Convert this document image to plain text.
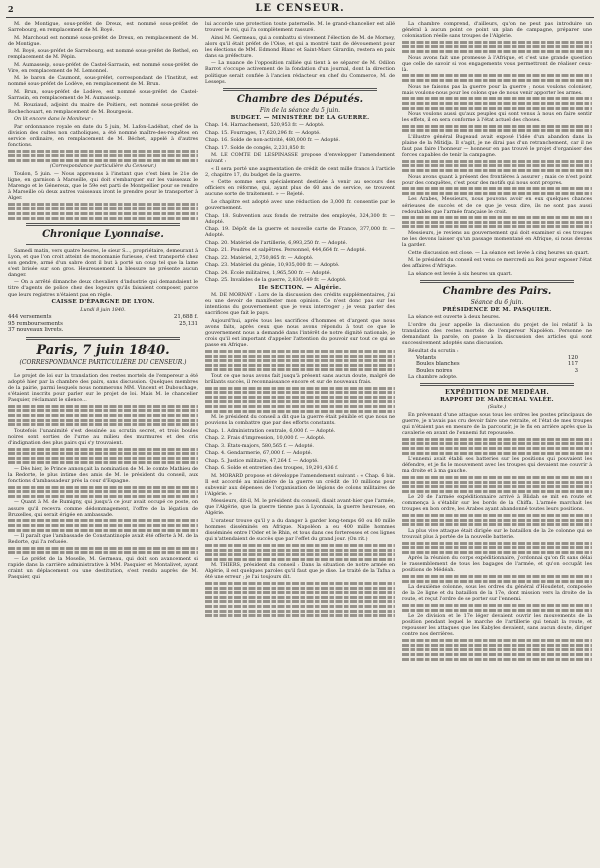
2	LE CENSEUR.

M. de Montigue, sous-préfet de Dreux, est nommé sous-préfet de Sarrebourg, en remplacement de M. Boyé.

M. Marchoud est nommé sous-préfet de Dreux, en remplacement de M. de Montigue.

M. Boyé, sous-préfet de Sarrebourg, est nommé sous-préfet de Rethel, en remplacement de M. Pèpin.

M. Aumasseip, sous-préfet de Castel-Sarrasin, est nommé sous-préfet de Vire, en remplacement de M. Lemonnel.

M. le baron de Caumont, sous-préfet, correspondant de l'Institut, est nommé sous-préfet de Lodève, en remplacement de M. Brun.

M. Brun, sous-préfet de Lodève, est nommé sous-préfet de Castel-Sarrasin, en remplacement de M. Aumasseip.

M. Rouziaud, adjoint du maire de Poitiers, est nommé sous-préfet de Rochechouart, en remplacement de M. Bourgeois.

On lit encore dans le Moniteur :

Par ordonnance royale en date du 5 juin, M. Lafon-Ladébat, chef de la division des cultes non catholiques, a été nommé maître-des-requêtes en service ordinaire, en remplacement de M. Béchet, appelé à d'autres fonctions.

(Correspondance particulière du Censeur.)

Toulon, 5 juin. — Nous apprenons à l'instant que c'est bien le 21e de ligne, en garnison à Marseille, qui doit s'embarquer sur les vaisseaux le Marengo et le Génereux, que le 59e est parti de Montpellier pour se rendre à Marseille où deux autres vaisseaux iront le prendre pour le transporter à Alger.

Chronique Lyonnaise.

Samedi matin, vers quatre heures, le sieur S..., propriétaire, demeurant à Lyon, et que l'on croit atteint de monomanie furieuse, s'est transporté chez son gendre, armé d'un sabre dont il but à porté un coup tel que la lame s'est brisée sur son gros. Heureusement la blessure ne présente aucun danger.

— On a arrêté dimanche deux chevaliers d'industrie qui demandaient le titre d'agents de police chez des logeurs qu'ils faisaient composer, parce que leurs registres n'étaient pas en règle.

CAISSE D'ÉPARGNE DE LYON.

Lundi 8 juin 1840.

444 versements	21,688 f.
95 remboursements	25,131
37 nouveaux livrets.
Paris, 7 juin 1840.
(CORRESPONDANCE PARTICULIÈRE DU CENSEUR.)

Le projet de loi sur la translation des restes mortels de l'empereur a été adopté hier par la chambre des pairs, sans discussion. Quelques membres de la pairie, parmi lesquels nous nommerons MM. Vincent et Dubouchage, s'étaient inscrits pour parler sur le projet de loi. Mais M. le chancelier Pasquier, réclamant le silence...

Toutefois l'unanimité s'est dessinée au scrutin secret, et trois boules noires sont sorties de l'urne au milieu des murmures et des cris d'indignation des plus pairs qui s'y trouvaient.

— Dès hier, le Prince annonçait la nomination de M. le comte Mathieu de la Redorte, le plus intime des amis de M. le président du conseil, aux fonctions d'ambassadeur près la cour d'Espagne.

— Quant à M. de Rumigny, qui jusqu'à ce jour avait occupé ce poste, on assure qu'il recevra comme dédommagement, l'offre de la légation de Bruxelles, qui serait érigée en ambassade.

— Il paraît que l'ambassade de Constantinople avait été offerte à M. de la Redorte, qui l'a refusée.

— Le préfet de la Moselle, M. Germeau, qui doit son avancement si rapide dans la carrière administrative à MM. Pasquier et Montalivet, ayant craint un déplacement ou une destitution, s'est rendu auprès de M. Pasquier, qui

lui accorde une protection toute paternelle. M. le grand-chancelier est allé trouver le roi, qui l'a complètement rassuré.

Ainsi M. Germeau, qui a combattu si vivement l'élection de M. de Morney, alors qu'il était préfet de l'Oise, et qui a montré tant de dévouement pour les élections de MM. Edmond Blanc et Saint-Marc Girardin, restera en paix dans sa préfecture.

— La nuance de l'opposition ralliée qui tient à se séparer de M. Odilon Barrot s'occupe activement de la fondation d'un journal, dont la direction politique serait confiée à l'ancien rédacteur en chef du Commerce, M. de Lesseps.

Chambre des Députés.
Fin de la séance du 5 juin.

BUDGET. — MINISTÈRE DE LA GUERRE.

Chap. 14. Harnachement, 520,953 fr. — Adopté.

Chap. 15. Fourrages, 17,620,296 fr. — Adopté.

Chap. 16. Solde de non-activité, 480,000 fr. — Adopté.

Chap. 17. Solde de congés, 2,231,850 fr.

M. LE COMTE DE LESPINASSE propose d'envelopper l'amendement suivant :

« Il sera porté une augmentation de crédit de cent mille francs à l'article 2, chapitre 17, du budget de la guerre.

« Cette somme sera spécialement destinée à venir au secours des officiers en réforme, qui, ayant plus de 60 ans de service, se trouvent aucune sorte de traitement. » — Rejeté.

Le chapitre est adopté avec une réduction de 3,000 fr. consentie par le gouvernement.

Chap. 18. Subvention aux fonds de retraite des employés, 324,300 fr. — Adopté.

Chap. 19. Dépôt de la guerre et nouvelle carte de France, 377,000 fr. — Adopté.

Chap. 20. Matériel de l'artillerie, 6,993,250 fr. — Adopté.

Chap. 21. Poudres et salpêtres. Personnel, 444,664 fr. — Adopté.

Chap. 22. Matériel, 2,750,865 fr. — Adopté.

Chap. 23. Matériel du génie, 10,935,000 fr. — Adopté.

Chap. 24. École militaires, 1,965,500 fr. — Adopté.

Chap. 25. Invalides de la guerre, 2,830,649 fr. — Adopté.

IIe SECTION. — Algérie.

M. DE MORNAY : Lors de la discussion des crédits supplémentaires, j'ai eu une devoir de manifester mon opinion. Ce n'est donc pas sur les intentions du gouvernement que je veux interroger ; je veux parler des sacrifices que fait le pays.

Aujourd'hui, après tous les sacrifices d'hommes et d'argent que nous avons faits, après ceux que nous avons répondu à tout ce que le gouvernement nous a demandé dans l'intérêt de notre dignité nationale, je crois qu'il est important d'appeler l'attention du pouvoir sur tout ce qui se passe en Afrique.

Tout ce que nous avons fait jusqu'à présent sans aucun doute, malgré de brillants succès, il reconnaissance encore et sur de nouveaux frais.

M. le président du conseil a dit que la guerre était pénible et que nous ne pouvions la combattre que par des efforts constants.

Chap. 1. Administration centrale, 6,000 f. — Adopté.

Chap. 2. Frais d'impression, 10,000 f. — Adopté.

Chap. 3. États-majors, 580,565 f. — Adopté.

Chap. 4. Gendarmerie, 67,000 f. — Adopté.

Chap. 5. Justice militaire, 47,264 f. — Adopté.

Chap. 6. Solde et entretien des troupes, 19,291,436 f.

M. MORARD propose et développe l'amendement suivant : « Chap. 6 bis. Il est accordé au ministère de la guerre un crédit de 10 millions pour subvenir aux dépenses de l'organisation de légions de colons militaires de l'Algérie. »

Messieurs, dit-il, M. le président du conseil, disait avant-hier que l'armée, que l'Algérie, que la guerre tienne pas à Lyonnais, la guerre heureuse, en Algérie.

L'orateur trouve qu'il y a du danger à garder long-temps 60 ou 80 mille hommes disséminés en Afrique. Napoléon a eu 400 mille hommes disséminés entre l'Oder et le Rhin, et tous dans ces forteresses et ces lignes qui n'attendaient de succès que par l'effet du grand jour. (On rit.)

M. THIERS, président du conseil : Dans la situation de notre armée en Algérie, il est quelques paroles qu'il faut que je dise. Le traité de la Tafna a été une erreur ; je l'ai toujours dit.

La chambre comprend, d'ailleurs, qu'on ne peut pas introduire un général à aucun point ce point un plan de campagne, préparer une colonisation réelle sans troupes de l'Algérie.

Nous avons fait une promesse à l'Afrique, et c'est une grande question que celle de savoir si vos engagements vous permettront de réaliser ceux-là.

Nous ne faisons pas la guerre pour la guerre ; nous voulons coloniser, mais voulons-nous pour les colons que de nous venir apporter les armes.

Nous voulons aussi qu'aux peuples qui sont venus à nous en faire sentir les effets, il en sera conforme à l'état actuel des choses.

L'illustre général Bugeaud avait exposé l'idée d'un abandon dans la plaine de la Mitidja. Il s'agit, je ne dirai pas d'un retranchement, car il ne faut pas faire l'honneur — honneur en pas trouvé le projet d'organiser des forces capables de tenir la campagne.

Nous avons quant à présent des frontières à assurer ; mais ce n'est point pour des conquêtes, c'est pour des motifs qui nous sont propres.

Les Arabes, Messieurs, nous pouvons avoir en eux quelques chances sérieuses de succès et de ce que je veux dire, ils ne sont pas aussi redoutables que l'armée française le croit.

Messieurs, je reviens au gouvernement qui doit examiner si ces troupes ne les devons laisser qu'un passage momentané en Afrique, si nous devons la garder.

Cette discussion est close. — La séance est levée à cinq heures un quart.

M. le président du conseil est venu ce mercredi au Roi pour exposer l'état des affaires d'Afrique.

La séance est levée à six heures un quart.

Chambre des Pairs.
Séance du 6 juin.

PRÉSIDENCE DE M. PASQUIER.

La séance est ouverte à deux heures.

L'ordre du jour appelle la discussion du projet de loi relatif à la translation des restes mortels de l'empereur Napoléon. Personne ne demandant la parole, on passe à la discussion des articles qui sont successivement adoptés sans discussion.

Résultat du scrutin :

Votants	120
Boules blanches	117
Boules noires	3

La chambre adopte.

EXPÉDITION DE MEDÉAH.

RAPPORT DE MARÉCHAL VALÉE.

(Suite.)

En prévenant d'une attaque sous tous les ordres les postes principaux de guerre, je n'avais pas cru devoir faire une retraite, et l'état de mes troupes qui n'étaient pas en mesure de la parcourir, je le fis en arrière après que la cavalerie en avant de l'ennemi fut repoussée.

L'ennemi avait établi ses batteries sur les positions qui pouvaient les défendre, et je fis le mouvement avec les troupes qui devaient me couvrir à ma droite et à ma gauche.

Le 20 de l'armée expéditionnaire arrivé à Blidah se mit en route et commença à s'établir sur les bords de la Chiffa. L'armée marchait les troupes en bon ordre, les Arabes ayant abandonné toutes leurs positions.

La plus vive attaque était dirigée sur le bataillon de la 2e colonne qui se trouvait plus à portée de la nouvelle batterie.

Après la réunion du corps expéditionnaire, j'ordonnai qu'on fît sans délai le rassemblement de tous les bagages de l'armée, et qu'on occupât les positions de Médéah.

La deuxième colonne, sous les ordres du général d'Houdetot, composée de la 2e ligne et du bataillon de la 17e, dont mission vers la droite de la route, et reçut l'ordre de se porter sur l'ennemi.

Le 2e division et le 17e léger devaient ouvrir les mouvements de la position pendant lequel le marche de l'artillerie qui tenait la route, et repousser les attaques que les Kabyles devaient, sans aucun doute, diriger contre nos derrières.
